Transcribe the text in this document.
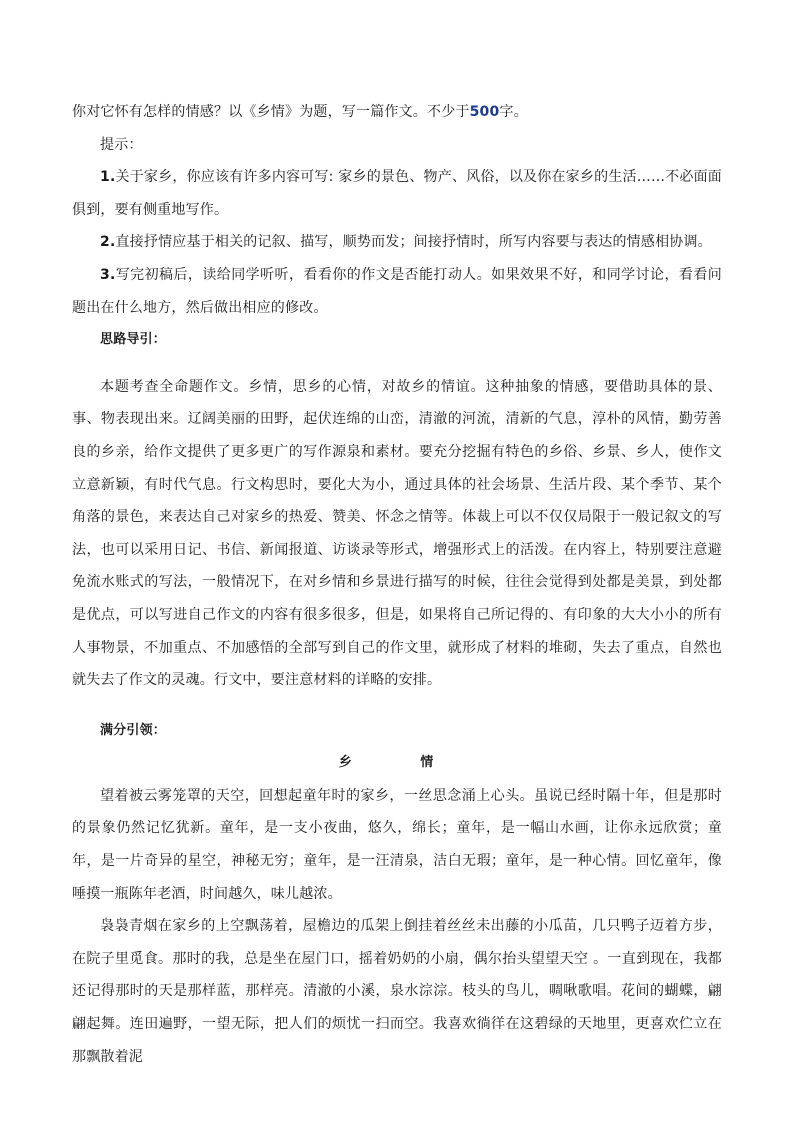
你对它怀有怎样的情感？以《乡情》为题，写一篇作文。不少于500字。

提示：

1.关于家乡，你应该有许多内容可写: 家乡的景色、物产、风俗，以及你在家乡的生活……不必面面俱到，要有侧重地写作。

2.直接抒情应基于相关的记叙、描写，顺势而发；间接抒情时，所写内容要与表达的情感相协调。

3.写完初稿后，读给同学听听，看看你的作文是否能打动人。如果效果不好，和同学讨论，看看问题出在什么地方，然后做出相应的修改。

思路导引：

本题考查全命题作文。乡情，思乡的心情，对故乡的情谊。这种抽象的情感，要借助具体的景、事、物表现出来。辽阔美丽的田野，起伏连绵的山峦，清澈的河流，清新的气息，淳朴的风情，勤劳善良的乡亲，给作文提供了更多更广的写作源泉和素材。要充分挖掘有特色的乡俗、乡景、乡人，使作文立意新颖，有时代气息。行文构思时，要化大为小，通过具体的社会场景、生活片段、某个季节、某个角落的景色，来表达自己对家乡的热爱、赞美、怀念之情等。体裁上可以不仅仅局限于一般记叙文的写法，也可以采用日记、书信、新闻报道、访谈录等形式，增强形式上的活泼。在内容上，特别要注意避免流水账式的写法，一般情况下，在对乡情和乡景进行描写的时候，往往会觉得到处都是美景，到处都是优点，可以写进自己作文的内容有很多很多，但是，如果将自己所记得的、有印象的大大小小的所有人事物景，不加重点、不加感悟的全部写到自己的作文里，就形成了材料的堆砌，失去了重点，自然也就失去了作文的灵魂。行文中，要注意材料的详略的安排。

满分引领：

乡 情

望着被云雾笼罩的天空，回想起童年时的家乡，一丝思念涌上心头。虽说已经时隔十年，但是那时的景象仍然记忆犹新。童年，是一支小夜曲，悠久，绵长；童年，是一幅山水画，让你永远欣赏；童年，是一片奇异的星空，神秘无穷；童年，是一汪清泉，洁白无瑕；童年，是一种心情。回忆童年，像唾摸一瓶陈年老酒，时间越久，味儿越浓。

袅袅青烟在家乡的上空飘荡着，屋檐边的瓜架上倒挂着丝丝未出藤的小瓜苗，几只鸭子迈着方步，在院子里觅食。那时的我，总是坐在屋门口，摇着奶奶的小扇，偶尔抬头望望天空 。一直到现在，我都还记得那时的天是那样蓝，那样亮。清澈的小溪，泉水淙淙。枝头的鸟儿，啁啾歌唱。花间的蝴蝶，翩翩起舞。连田遍野，一望无际，把人们的烦忧一扫而空。我喜欢徜徉在这碧绿的天地里，更喜欢伫立在那飘散着泥
